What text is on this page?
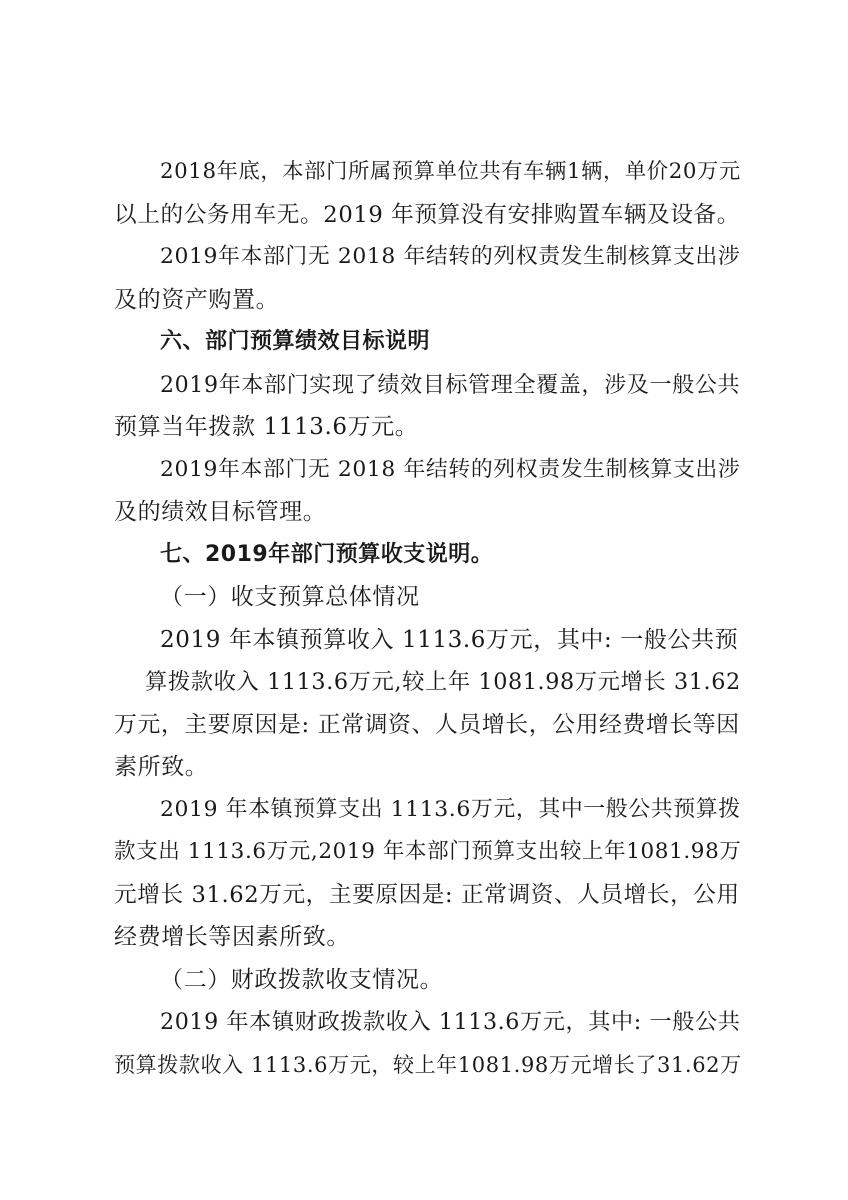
2018年底，本部门所属预算单位共有车辆1辆，单价20万元
以上的公务用车无。2019 年预算没有安排购置车辆及设备。
2019年本部门无 2018 年结转的列权责发生制核算支出涉
及的资产购置。
六、部门预算绩效目标说明
2019年本部门实现了绩效目标管理全覆盖，涉及一般公共
预算当年拨款 1113.6万元。
2019年本部门无 2018 年结转的列权责发生制核算支出涉
及的绩效目标管理。
七、2019年部门预算收支说明。
（一）收支预算总体情况
2019 年本镇预算收入 1113.6万元，其中: 一般公共预
算拨款收入 1113.6万元,较上年 1081.98万元增长 31.62
万元，主要原因是: 正常调资、人员增长，公用经费增长等因
素所致。
2019 年本镇预算支出 1113.6万元，其中一般公共预算拨
款支出 1113.6万元,2019 年本部门预算支出较上年1081.98万
元增长 31.62万元，主要原因是: 正常调资、人员增长，公用
经费增长等因素所致。
（二）财政拨款收支情况。
2019 年本镇财政拨款收入 1113.6万元，其中: 一般公共
预算拨款收入 1113.6万元，较上年1081.98万元增长了31.62万
